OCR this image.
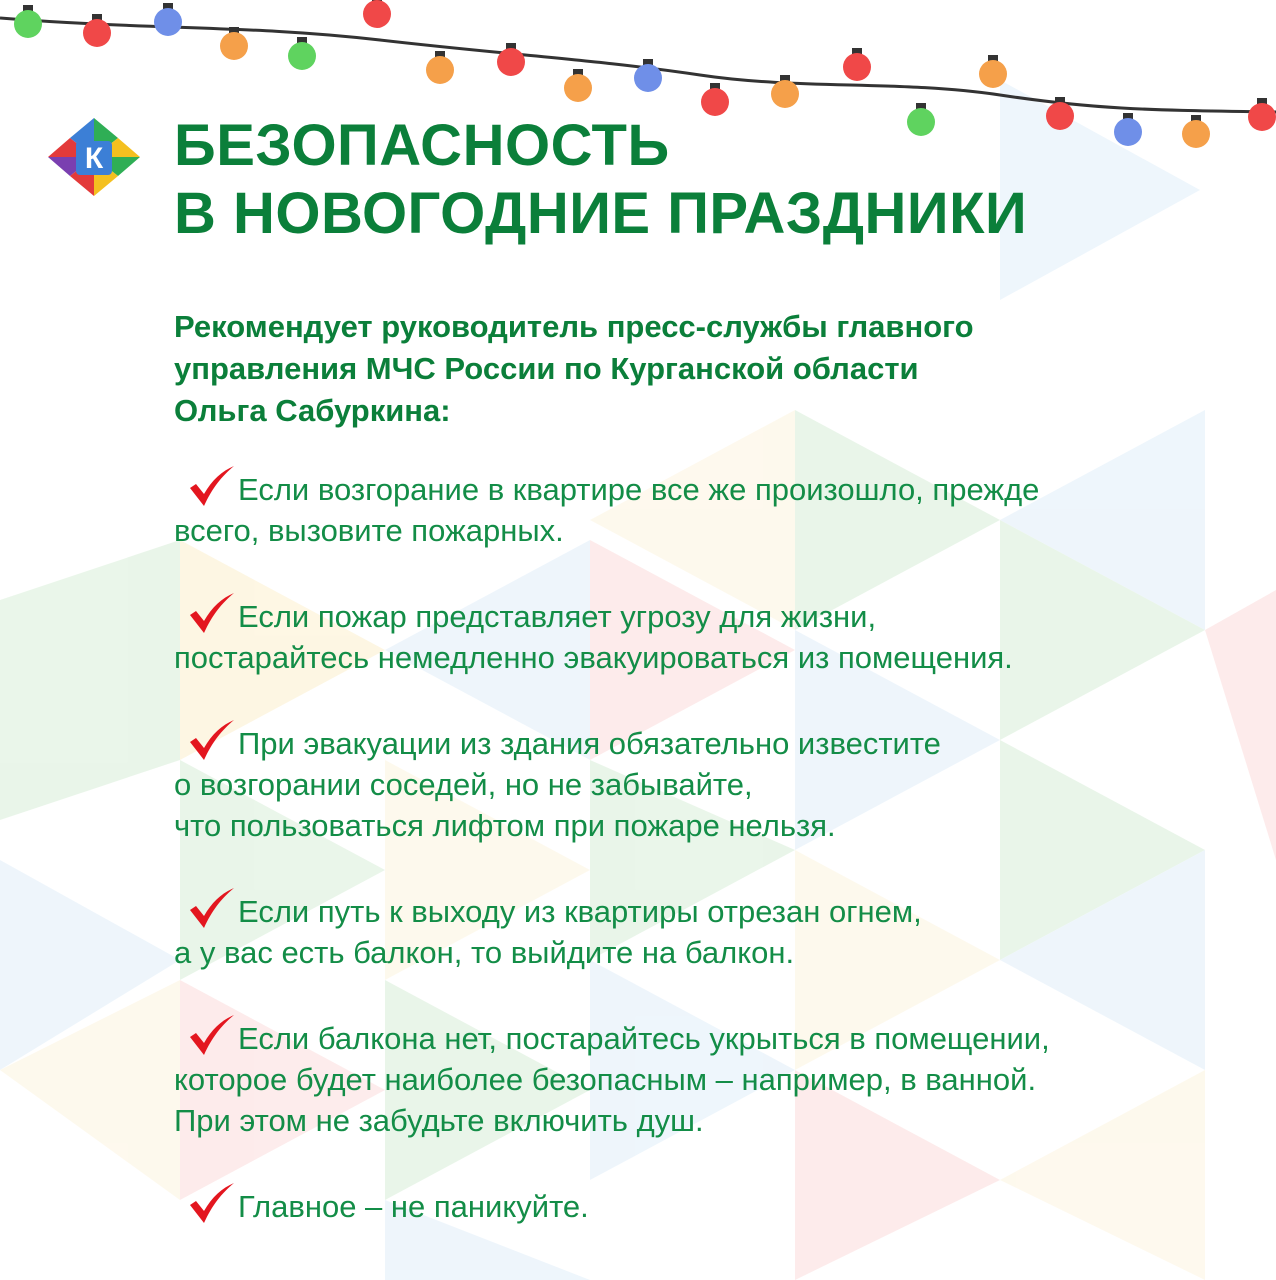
К БЕЗОПАСНОСТЬ
В НОВОГОДНИЕ ПРАЗДНИКИ
Рекомендует руководитель пресс-службы главного
управления МЧС России по Курганской области
Ольга Сабуркина:
Если возгорание в квартире все же произошло, прежде
всего, вызовите пожарных.
Если пожар представляет угрозу для жизни,
постарайтесь немедленно эвакуироваться из помещения.
При эвакуации из здания обязательно известите
о возгорании соседей, но не забывайте,
что пользоваться лифтом при пожаре нельзя.
Если путь к выходу из квартиры отрезан огнем,
а у вас есть балкон, то выйдите на балкон.
Если балкона нет, постарайтесь укрыться в помещении,
которое будет наиболее безопасным – например, в ванной.
При этом не забудьте включить душ.
Главное – не паникуйте.
